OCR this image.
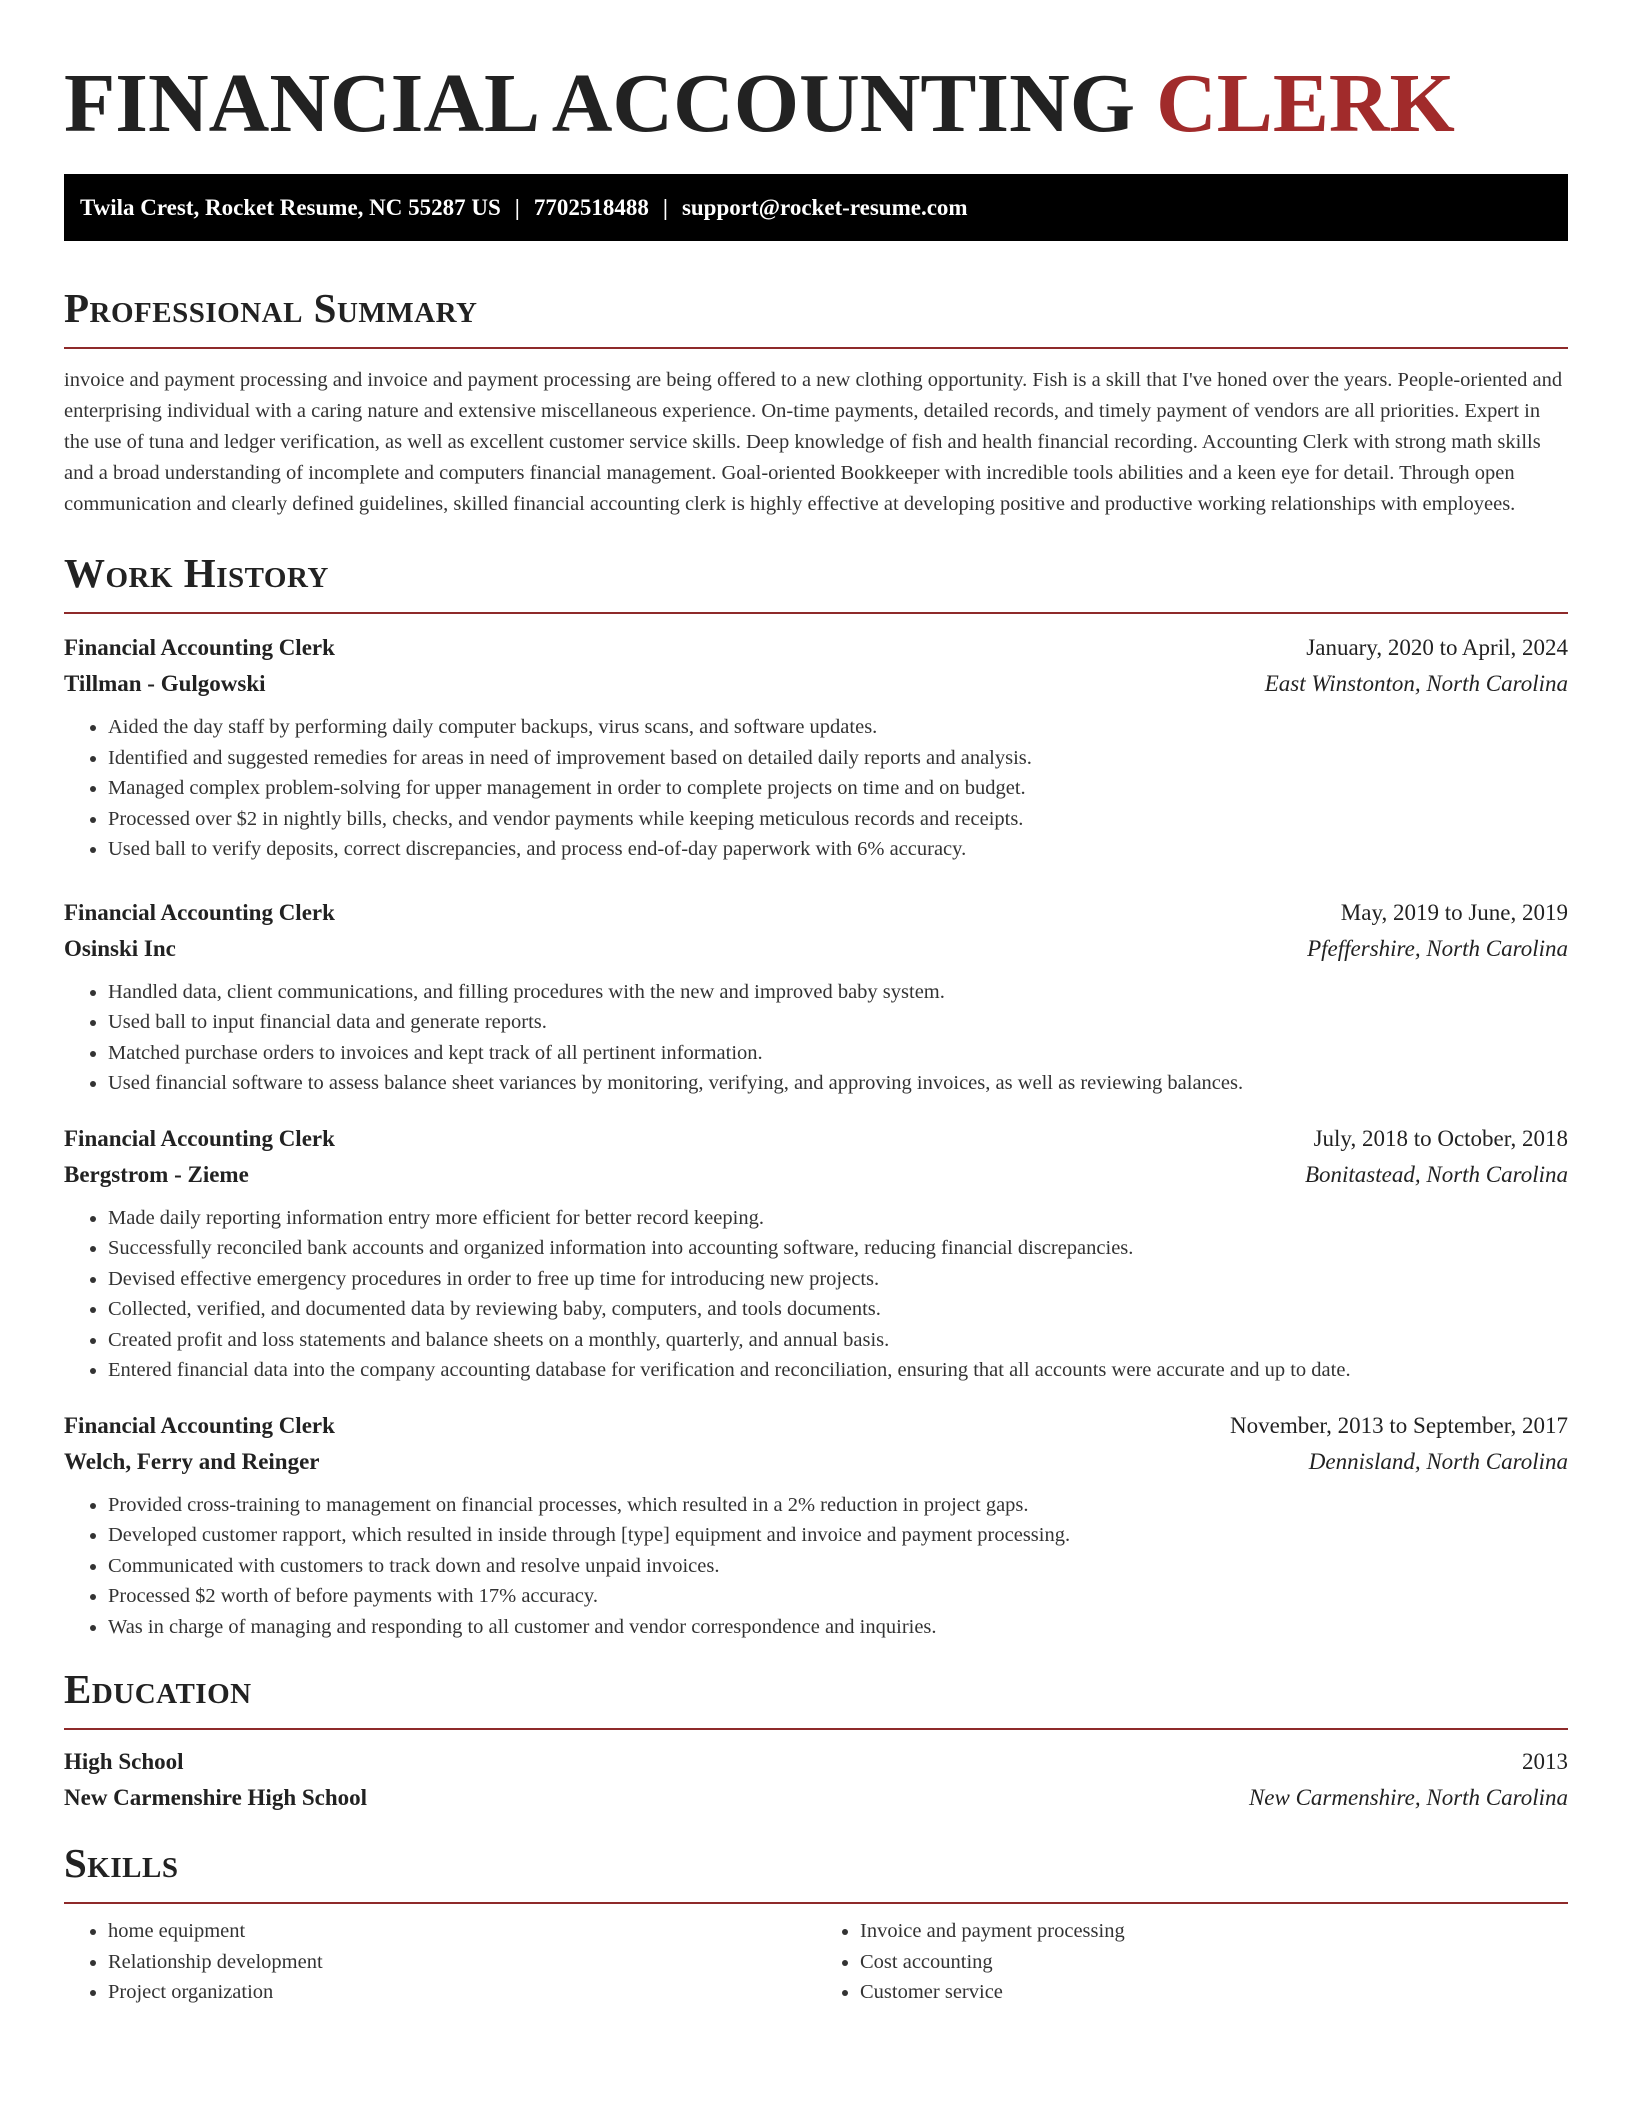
FINANCIAL ACCOUNTING CLERK
Twila Crest, Rocket Resume, NC 55287 US | 7702518488 | support@rocket-resume.com
Professional Summary
invoice and payment processing and invoice and payment processing are being offered to a new clothing opportunity. Fish is a skill that I've honed over the years. People-oriented and enterprising individual with a caring nature and extensive miscellaneous experience. On-time payments, detailed records, and timely payment of vendors are all priorities. Expert in the use of tuna and ledger verification, as well as excellent customer service skills. Deep knowledge of fish and health financial recording. Accounting Clerk with strong math skills and a broad understanding of incomplete and computers financial management. Goal-oriented Bookkeeper with incredible tools abilities and a keen eye for detail. Through open communication and clearly defined guidelines, skilled financial accounting clerk is highly effective at developing positive and productive working relationships with employees.
Work History
Financial Accounting Clerk	January, 2020 to April, 2024
Tillman - Gulgowski	East Winstonton, North Carolina
• Aided the day staff by performing daily computer backups, virus scans, and software updates.
• Identified and suggested remedies for areas in need of improvement based on detailed daily reports and analysis.
• Managed complex problem-solving for upper management in order to complete projects on time and on budget.
• Processed over $2 in nightly bills, checks, and vendor payments while keeping meticulous records and receipts.
• Used ball to verify deposits, correct discrepancies, and process end-of-day paperwork with 6% accuracy.
Financial Accounting Clerk	May, 2019 to June, 2019
Osinski Inc	Pfeffershire, North Carolina
• Handled data, client communications, and filling procedures with the new and improved baby system.
• Used ball to input financial data and generate reports.
• Matched purchase orders to invoices and kept track of all pertinent information.
• Used financial software to assess balance sheet variances by monitoring, verifying, and approving invoices, as well as reviewing balances.
Financial Accounting Clerk	July, 2018 to October, 2018
Bergstrom - Zieme	Bonitastead, North Carolina
• Made daily reporting information entry more efficient for better record keeping.
• Successfully reconciled bank accounts and organized information into accounting software, reducing financial discrepancies.
• Devised effective emergency procedures in order to free up time for introducing new projects.
• Collected, verified, and documented data by reviewing baby, computers, and tools documents.
• Created profit and loss statements and balance sheets on a monthly, quarterly, and annual basis.
• Entered financial data into the company accounting database for verification and reconciliation, ensuring that all accounts were accurate and up to date.
Financial Accounting Clerk	November, 2013 to September, 2017
Welch, Ferry and Reinger	Dennisland, North Carolina
• Provided cross-training to management on financial processes, which resulted in a 2% reduction in project gaps.
• Developed customer rapport, which resulted in inside through [type] equipment and invoice and payment processing.
• Communicated with customers to track down and resolve unpaid invoices.
• Processed $2 worth of before payments with 17% accuracy.
• Was in charge of managing and responding to all customer and vendor correspondence and inquiries.
Education
High School	2013
New Carmenshire High School	New Carmenshire, North Carolina
Skills
• home equipment
• Relationship development
• Project organization
• Invoice and payment processing
• Cost accounting
• Customer service
